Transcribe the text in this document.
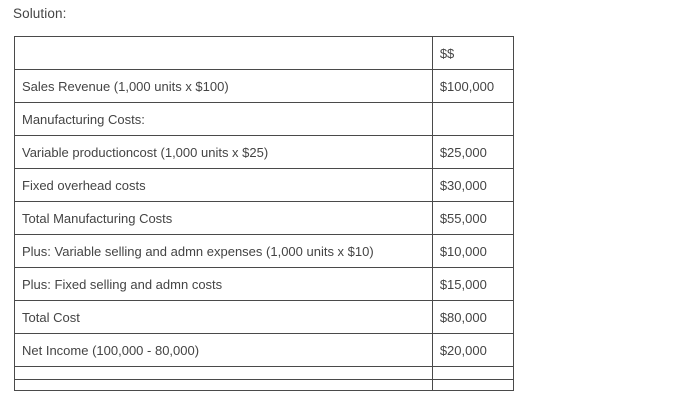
Solution:
	$$
Sales Revenue (1,000 units x $100)	$100,000
Manufacturing Costs:	
Variable productioncost (1,000 units x $25)	$25,000
Fixed overhead costs	$30,000
Total Manufacturing Costs	$55,000
Plus: Variable selling and admn expenses (1,000 units x $10)	$10,000
Plus: Fixed selling and admn costs	$15,000
Total Cost	$80,000
Net Income (100,000 - 80,000)	$20,000
